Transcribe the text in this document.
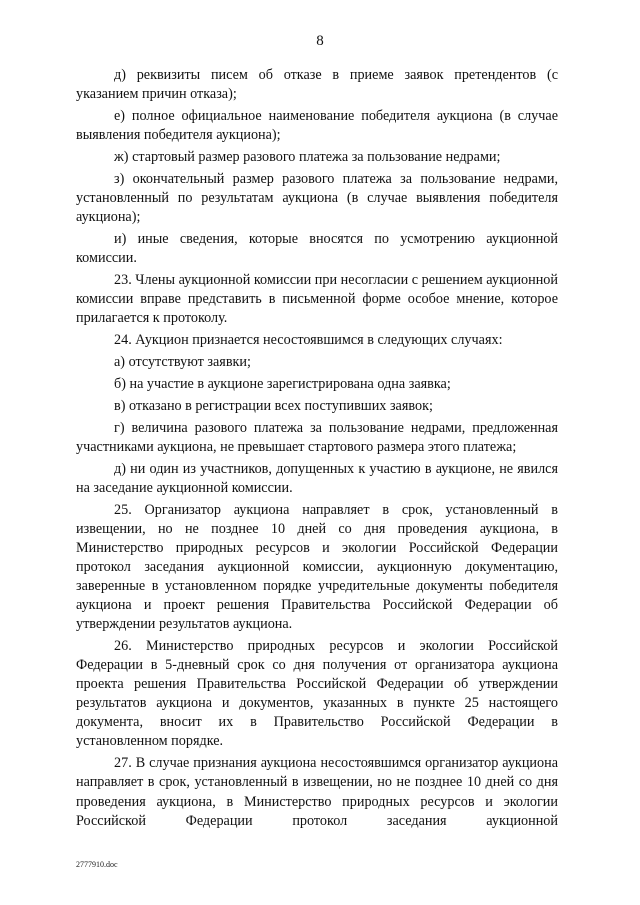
8

д) реквизиты писем об отказе в приеме заявок претендентов (с указанием причин отказа);

е) полное официальное наименование победителя аукциона (в случае выявления победителя аукциона);

ж) стартовый размер разового платежа за пользование недрами;

з) окончательный размер разового платежа за пользование недрами, установленный по результатам аукциона (в случае выявления победителя аукциона);

и) иные сведения, которые вносятся по усмотрению аукционной комиссии.

23. Члены аукционной комиссии при несогласии с решением аукционной комиссии вправе представить в письменной форме особое мнение, которое прилагается к протоколу.

24. Аукцион признается несостоявшимся в следующих случаях:

а) отсутствуют заявки;

б) на участие в аукционе зарегистрирована одна заявка;

в) отказано в регистрации всех поступивших заявок;

г) величина разового платежа за пользование недрами, предложенная участниками аукциона, не превышает стартового размера этого платежа;

д) ни один из участников, допущенных к участию в аукционе, не явился на заседание аукционной комиссии.

25. Организатор аукциона направляет в срок, установленный в извещении, но не позднее 10 дней со дня проведения аукциона, в Министерство природных ресурсов и экологии Российской Федерации протокол заседания аукционной комиссии, аукционную документацию, заверенные в установленном порядке учредительные документы победителя аукциона и проект решения Правительства Российской Федерации об утверждении результатов аукциона.

26. Министерство природных ресурсов и экологии Российской Федерации в 5-дневный срок со дня получения от организатора аукциона проекта решения Правительства Российской Федерации об утверждении результатов аукциона и документов, указанных в пункте 25 настоящего документа, вносит их в Правительство Российской Федерации в установленном порядке.

27. В случае признания аукциона несостоявшимся организатор аукциона направляет в срок, установленный в извещении, но не позднее 10 дней со дня проведения аукциона, в Министерство природных ресурсов и экологии Российской Федерации протокол заседания аукционной

2777910.doc
